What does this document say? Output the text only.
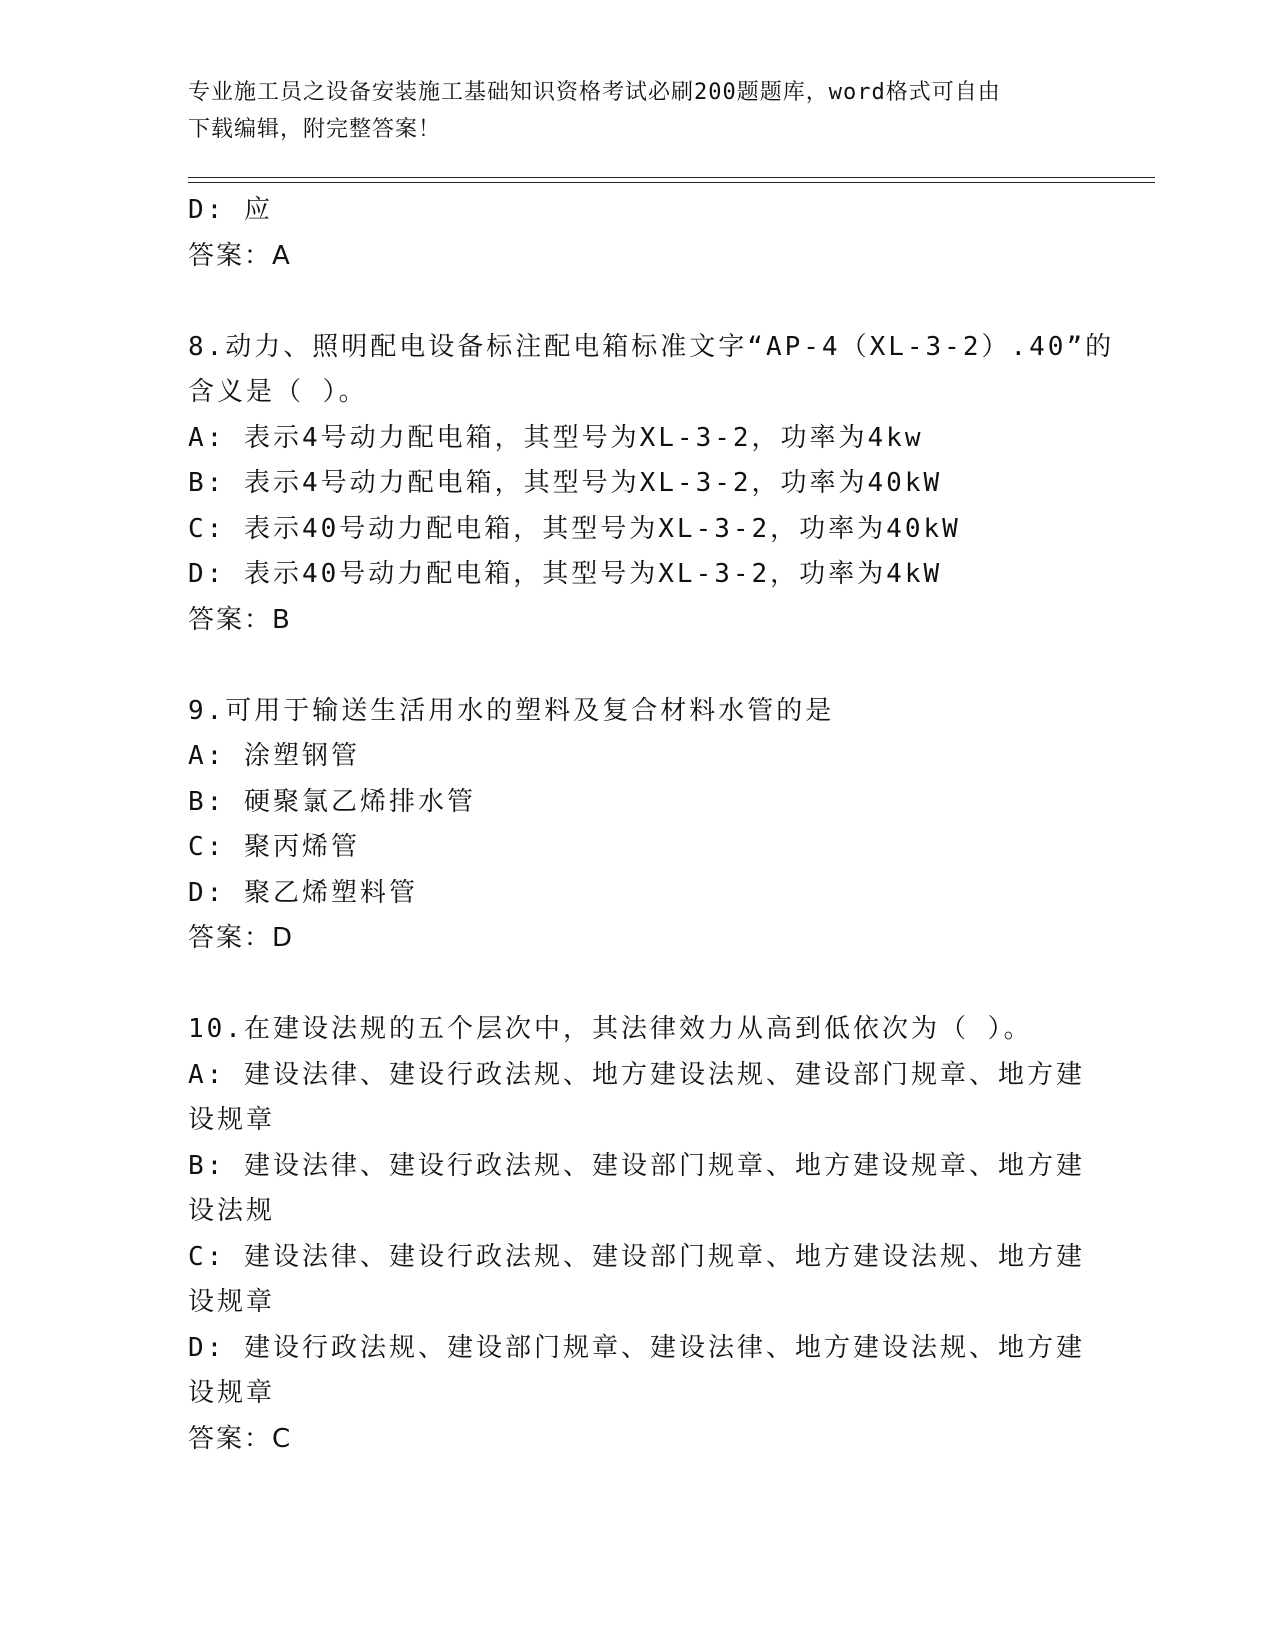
专业施工员之设备安装施工基础知识资格考试必刷200题题库，word格式可自由
下载编辑，附完整答案！
D: 应
答案：A
8.动力、照明配电设备标注配电箱标准文字“AP-4（XL-3-2）.40”的
含义是（ ）。
A: 表示4号动力配电箱，其型号为XL-3-2，功率为4kw
B: 表示4号动力配电箱，其型号为XL-3-2，功率为40kW
C: 表示40号动力配电箱，其型号为XL-3-2，功率为40kW
D: 表示40号动力配电箱，其型号为XL-3-2，功率为4kW
答案：B
9.可用于输送生活用水的塑料及复合材料水管的是
A: 涂塑钢管
B: 硬聚氯乙烯排水管
C: 聚丙烯管
D: 聚乙烯塑料管
答案：D
10.在建设法规的五个层次中，其法律效力从高到低依次为（ ）。
A: 建设法律、建设行政法规、地方建设法规、建设部门规章、地方建
设规章
B: 建设法律、建设行政法规、建设部门规章、地方建设规章、地方建
设法规
C: 建设法律、建设行政法规、建设部门规章、地方建设法规、地方建
设规章
D: 建设行政法规、建设部门规章、建设法律、地方建设法规、地方建
设规章
答案：C
